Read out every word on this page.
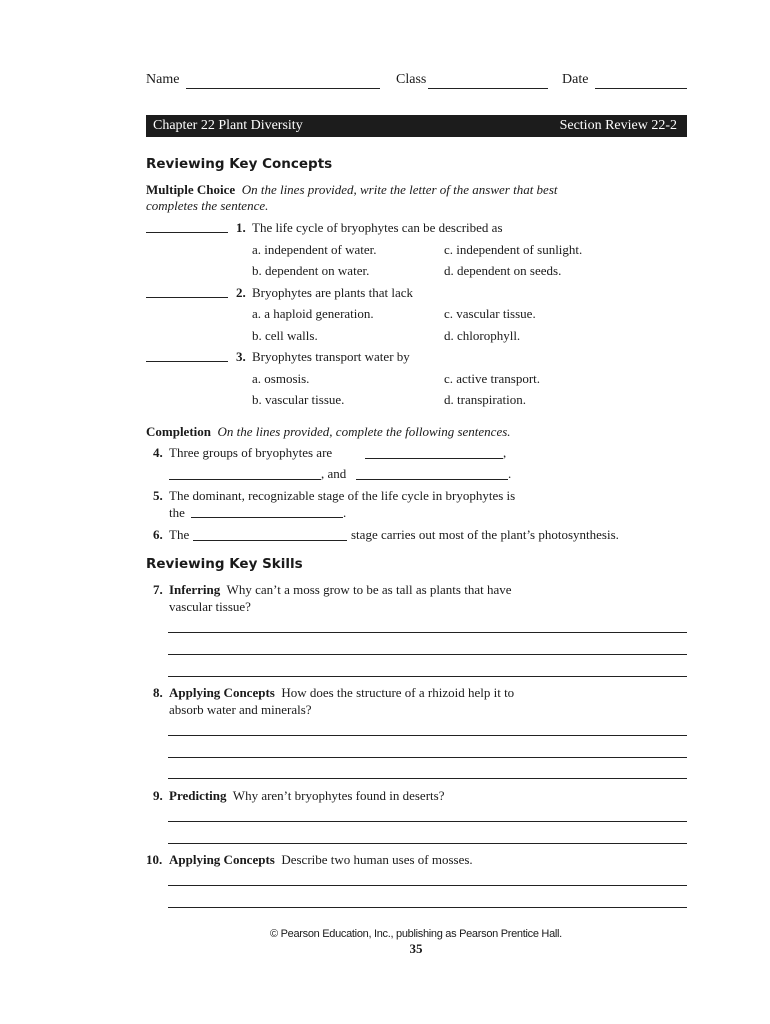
Name	Class	Date
Chapter 22 Plant Diversity	Section Review 22-2
Reviewing Key Concepts
Multiple Choice On the lines provided, write the letter of the answer that best
completes the sentence.
1. The life cycle of bryophytes can be described as
a. independent of water.	c. independent of sunlight.
b. dependent on water.	d. dependent on seeds.
2. Bryophytes are plants that lack
a. a haploid generation.	c. vascular tissue.
b. cell walls.	d. chlorophyll.
3. Bryophytes transport water by
a. osmosis.	c. active transport.
b. vascular tissue.	d. transpiration.
Completion On the lines provided, complete the following sentences.
4. Three groups of bryophytes are	,
, and	.
5. The dominant, recognizable stage of the life cycle in bryophytes is
the	.
6. The	stage carries out most of the plant’s photosynthesis.
Reviewing Key Skills
7. Inferring Why can’t a moss grow to be as tall as plants that have
vascular tissue?
8. Applying Concepts How does the structure of a rhizoid help it to
absorb water and minerals?
9. Predicting Why aren’t bryophytes found in deserts?
10. Applying Concepts Describe two human uses of mosses.
© Pearson Education, Inc., publishing as Pearson Prentice Hall.
35
